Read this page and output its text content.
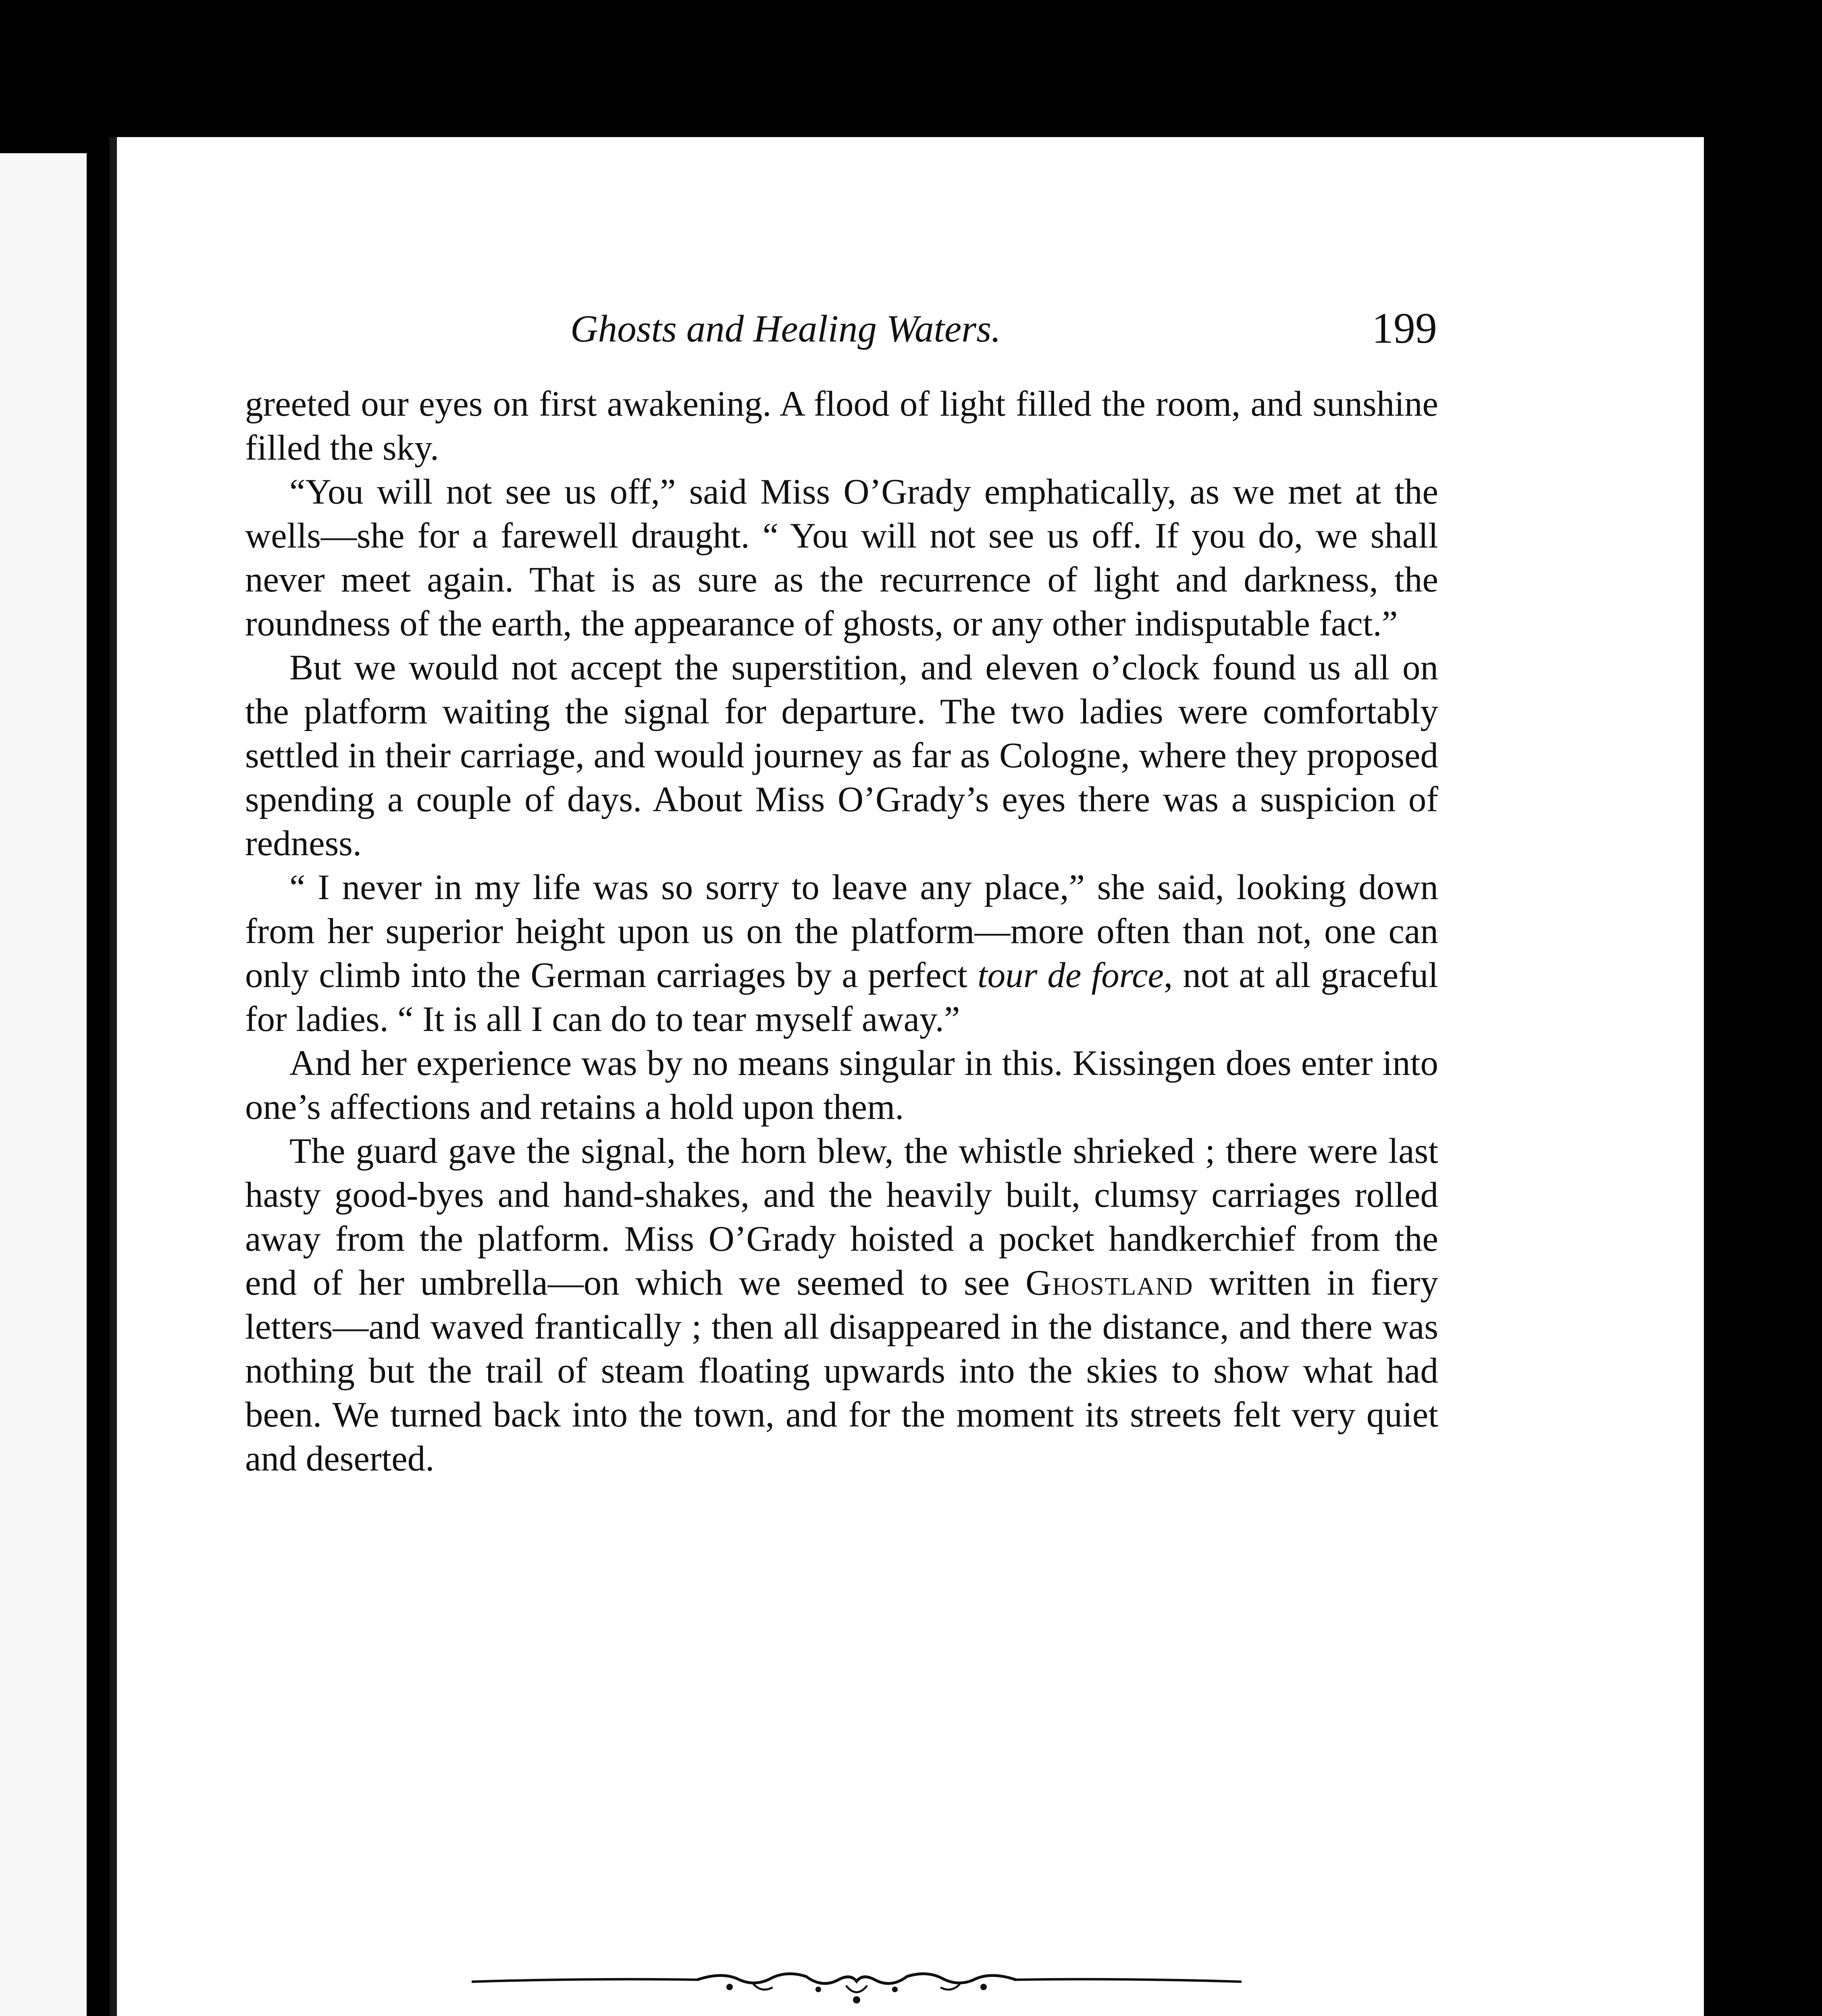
Ghosts and Healing Waters.	199

greeted our eyes on first awakening. A flood of light filled the room, and sunshine filled the sky.

“You will not see us off,” said Miss O’Grady emphatically, as we met at the wells—she for a farewell draught. “ You will not see us off. If you do, we shall never meet again. That is as sure as the recurrence of light and darkness, the roundness of the earth, the appearance of ghosts, or any other indisputable fact.”

But we would not accept the superstition, and eleven o’clock found us all on the platform waiting the signal for departure. The two ladies were comfortably settled in their carriage, and would journey as far as Cologne, where they proposed spending a couple of days. About Miss O’Grady’s eyes there was a suspicion of redness.

“ I never in my life was so sorry to leave any place,” she said, looking down from her superior height upon us on the platform—more often than not, one can only climb into the German carriages by a perfect tour de force, not at all graceful for ladies. “ It is all I can do to tear myself away.”

And her experience was by no means singular in this. Kissingen does enter into one’s affections and retains a hold upon them.

The guard gave the signal, the horn blew, the whistle shrieked ; there were last hasty good-byes and hand-shakes, and the heavily built, clumsy carriages rolled away from the platform. Miss O’Grady hoisted a pocket handkerchief from the end of her umbrella—on which we seemed to see Ghostland written in fiery letters—and waved frantically ; then all disappeared in the distance, and there was nothing but the trail of steam floating upwards into the skies to show what had been. We turned back into the town, and for the moment its streets felt very quiet and deserted.
